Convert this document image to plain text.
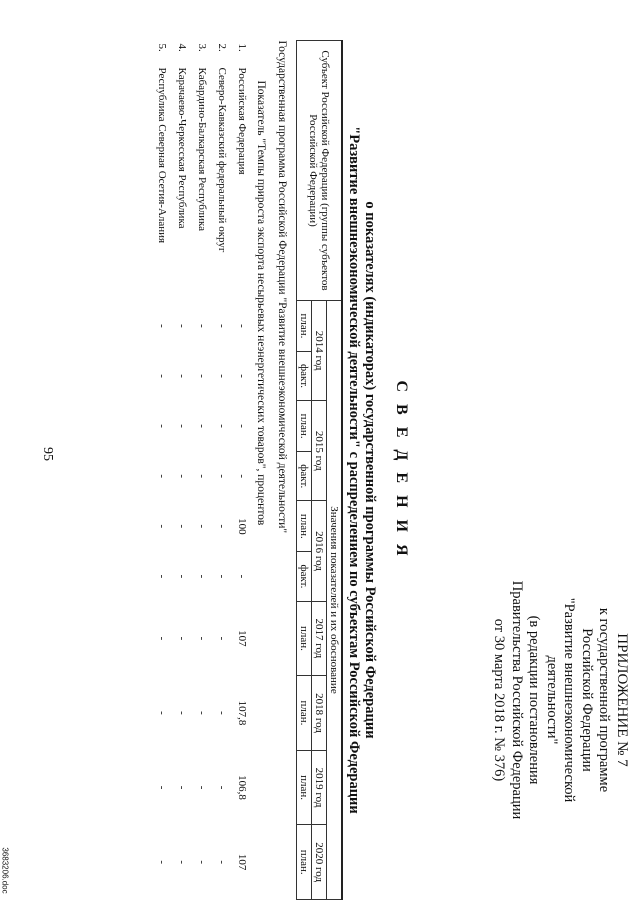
95
3683206.doc
ПРИЛОЖЕНИЕ № 7
к государственной программе
Российской Федерации
"Развитие внешнеэкономической
деятельности"
(в редакции постановления
Правительства Российской Федерации
от 30 марта 2018 г. № 376)
С В Е Д Е Н И Я
о показателях (индикаторах) государственной программы Российской Федерации
"Развитие внешнеэкономической деятельности" с распределением по субъектам Российской Федерации
Субъект Российской Федерации (группы субъектов Российской Федерации)		Значения показателей и их обоснование									
		2014 год		2015 год		2016 год		2017 год	2018 год	2019 год	2020 год
		план.	факт.	план.	факт.	план.	факт.	план.	план.	план.	план.

Государственная программа Российской Федерации "Развитие внешнеэкономической деятельности"											
Показатель "Темпы прироста экспорта несырьевых неэнергетических товаров", процентов											
1.	Российская Федерация	-	-	-	-	100	-	107	107,8	106,8	107
2.	Северо-Кавказский федеральный округ	-	-	-	-	-	-	-	-	-	-
3.	Кабардино-Балкарская Республика	-	-	-	-	-	-	-	-	-	-
4.	Карачаево-Черкесская Республика	-	-	-	-	-	-	-	-	-	-
5.	Республика Северная Осетия-Алания	-	-	-	-	-	-	-	-	-	-
